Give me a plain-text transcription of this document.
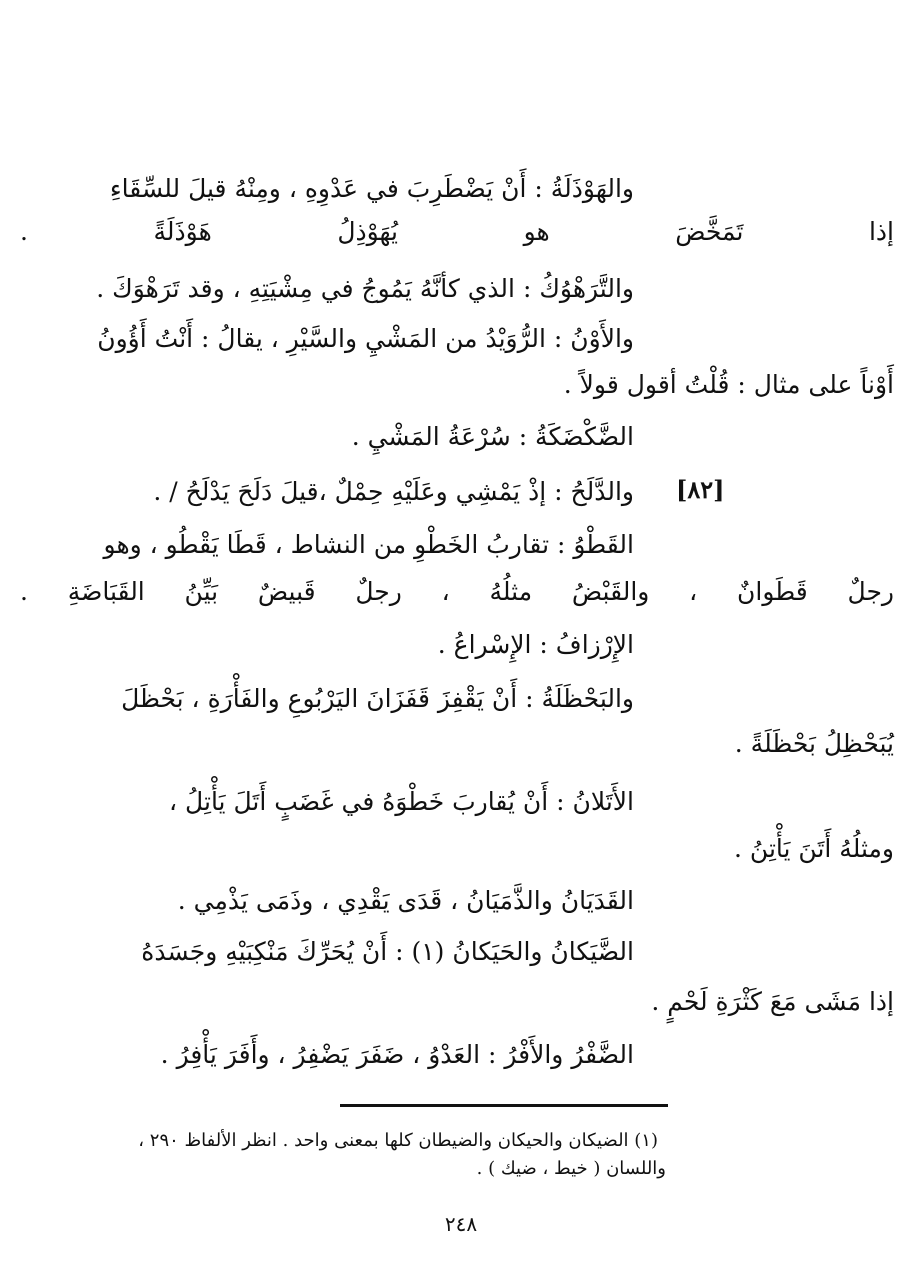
والهَوْذَلَةُ : أَنْ يَضْطَرِبَ في عَدْوِهِ ، ومِنْهُ قيلَ للسِّقَاءِ
إذا تَمَخَّضَ هو يُهَوْذِلُ هَوْذَلَةً .
والتَّرَهْوُكُ : الذي كأنَّهُ يَمُوجُ في مِشْيَتِهِ ، وقد تَرَهْوَكَ .
والأَوْنُ : الرُّوَيْدُ من المَشْيِ والسَّيْرِ ، يقالُ : أَنْتُ أَؤُونُ
أَوْناً على مثال : قُلْتُ أقول قولاً .
الضَّكْضَكَةُ : سُرْعَةُ المَشْيِ .
[٨٢]
والدَّلَحُ : إذْ يَمْشِي وعَلَيْهِ حِمْلٌ ،قيلَ دَلَحَ يَدْلَحُ / .
القَطْوُ : تقاربُ الخَطْوِ من النشاط ، قَطَا يَقْطُو ، وهو
رجلٌ قَطَوانٌ ، والقَبْضُ مثلُهُ ، رجلٌ قَبيضٌ بَيِّنُ القَبَاضَةِ .
الإِرْزافُ : الإِسْراعُ .
والبَحْظَلَةُ : أَنْ يَقْفِزَ قَفَزَانَ اليَرْبُوعِ والفَأْرَةِ ، بَحْظَلَ
يُبَحْظِلُ بَحْظَلَةً .
الأَتَلانُ : أَنْ يُقاربَ خَطْوَهُ في غَضَبٍ أَتَلَ يَأْتِلُ ،
ومثلُهُ أَتَنَ يَأْتِنُ .
القَدَيَانُ والذَّمَيَانُ ، قَدَى يَقْدِي ، وذَمَى يَذْمِي .
الضَّيَكانُ والحَيَكانُ (١) : أَنْ يُحَرِّكَ مَنْكِبَيْهِ وجَسَدَهُ
إذا مَشَى مَعَ كَثْرَةِ لَحْمٍ .
الضَّفْرُ والأَفْرُ : العَدْوُ ، ضَفَرَ يَضْفِرُ ، وأَفَرَ يَأْفِرُ .
(١) الضيكان والحيكان والضيطان كلها بمعنى واحد . انظر الألفاظ ٢٩٠ ،
واللسان ( خيط ، ضيك ) .
٢٤٨
